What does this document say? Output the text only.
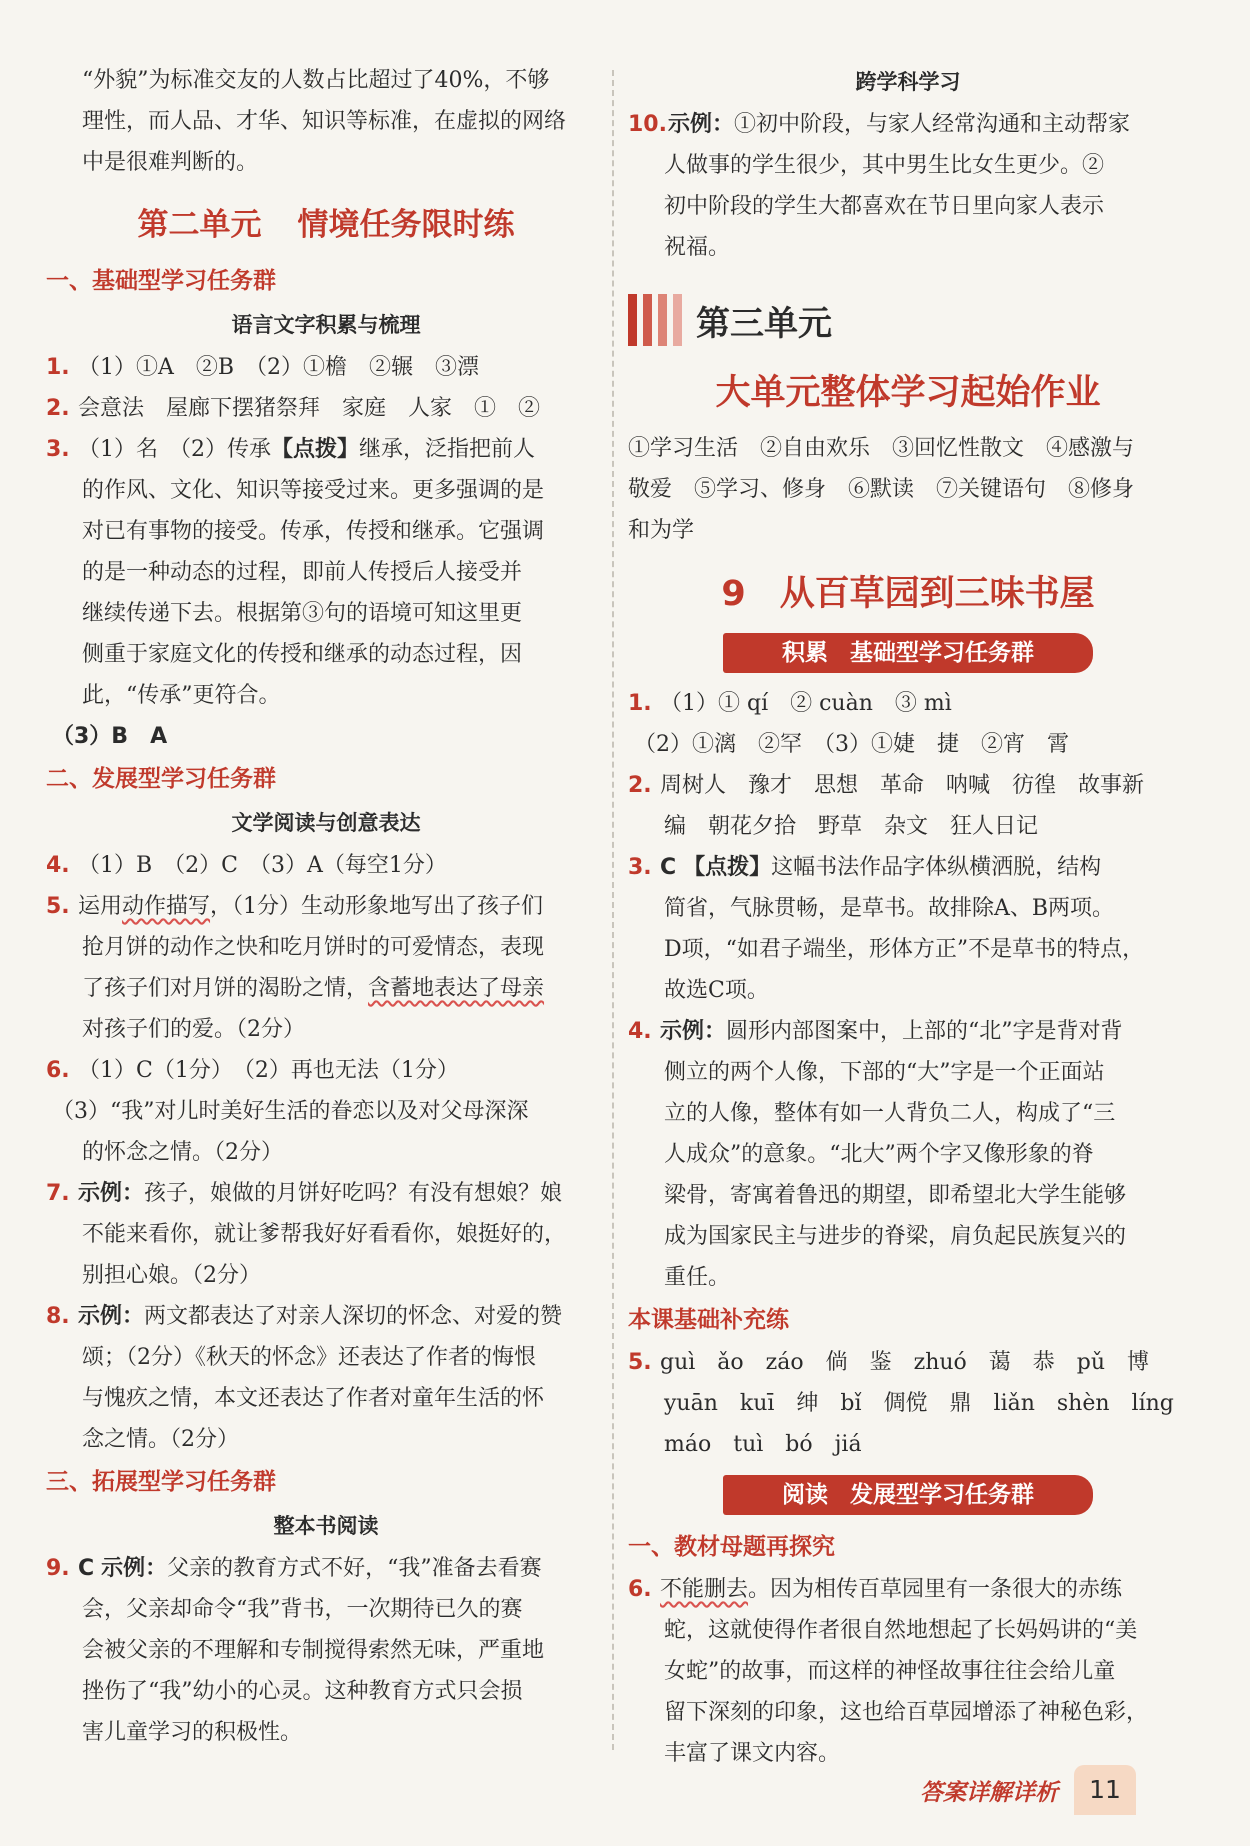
“外貌”为标准交友的人数占比超过了40%，不够
理性，而人品、才华、知识等标准，在虚拟的网络
中是很难判断的。
第二单元 情境任务限时练
一、基础型学习任务群
语言文字积累与梳理
1. （1）①A　②B　（2）①檐　②辗　③漂
2. 会意法　屋廊下摆猪祭拜　家庭　人家　①　②
3. （1）名　（2）传承【点拨】继承，泛指把前人
的作风、文化、知识等接受过来。更多强调的是
对已有事物的接受。传承，传授和继承。它强调
的是一种动态的过程，即前人传授后人接受并
继续传递下去。根据第③句的语境可知这里更
侧重于家庭文化的传授和继承的动态过程，因
此，“传承”更符合。
（3）B　A
二、发展型学习任务群
文学阅读与创意表达
4. （1）B　（2）C　（3）A（每空1分）
5. 运用动作描写，（1分）生动形象地写出了孩子们
抢月饼的动作之快和吃月饼时的可爱情态，表现
了孩子们对月饼的渴盼之情，含蓄地表达了母亲
对孩子们的爱。（2分）
6. （1）C（1分）　（2）再也无法（1分）
（3）“我”对儿时美好生活的眷恋以及对父母深深
的怀念之情。（2分）
7. 示例：孩子，娘做的月饼好吃吗？有没有想娘？娘
不能来看你，就让爹帮我好好看看你，娘挺好的，
别担心娘。（2分）
8. 示例：两文都表达了对亲人深切的怀念、对爱的赞
颂；（2分）《秋天的怀念》还表达了作者的悔恨
与愧疚之情，本文还表达了作者对童年生活的怀
念之情。（2分）
三、拓展型学习任务群
整本书阅读
9. C 示例：父亲的教育方式不好，“我”准备去看赛
会，父亲却命令“我”背书，一次期待已久的赛
会被父亲的不理解和专制搅得索然无味，严重地
挫伤了“我”幼小的心灵。这种教育方式只会损
害儿童学习的积极性。
跨学科学习
10.示例：①初中阶段，与家人经常沟通和主动帮家
人做事的学生很少，其中男生比女生更少。②
初中阶段的学生大都喜欢在节日里向家人表示
祝福。
第三单元
大单元整体学习起始作业
①学习生活　②自由欢乐　③回忆性散文　④感激与
敬爱　⑤学习、修身　⑥默读　⑦关键语句　⑧修身
和为学
9 从百草园到三味书屋
积累 基础型学习任务群
1. （1）① qí　② cuàn　③ mì
（2）①漓　②罕　（3）①婕　捷　②宵　霄
2. 周树人　豫才　思想　革命　呐喊　彷徨　故事新
编　朝花夕拾　野草　杂文　狂人日记
3. C 【点拨】这幅书法作品字体纵横洒脱，结构
简省，气脉贯畅，是草书。故排除A、B两项。
D项，“如君子端坐，形体方正”不是草书的特点，
故选C项。
4. 示例：圆形内部图案中，上部的“北”字是背对背
侧立的两个人像，下部的“大”字是一个正面站
立的人像，整体有如一人背负二人，构成了“三
人成众”的意象。“北大”两个字又像形象的脊
梁骨，寄寓着鲁迅的期望，即希望北大学生能够
成为国家民主与进步的脊梁，肩负起民族复兴的
重任。
本课基础补充练
5. guì　ǎo　záo　倘　鉴　zhuó　蔼　恭　pǔ　博
yuān　kuī　绅　bǐ　倜傥　鼎　liǎn　shèn　líng
máo　tuì　bó　jiá
阅读 发展型学习任务群
一、教材母题再探究
6. 不能删去。因为相传百草园里有一条很大的赤练
蛇，这就使得作者很自然地想起了长妈妈讲的“美
女蛇”的故事，而这样的神怪故事往往会给儿童
留下深刻的印象，这也给百草园增添了神秘色彩，
丰富了课文内容。
答案详解详析	11
